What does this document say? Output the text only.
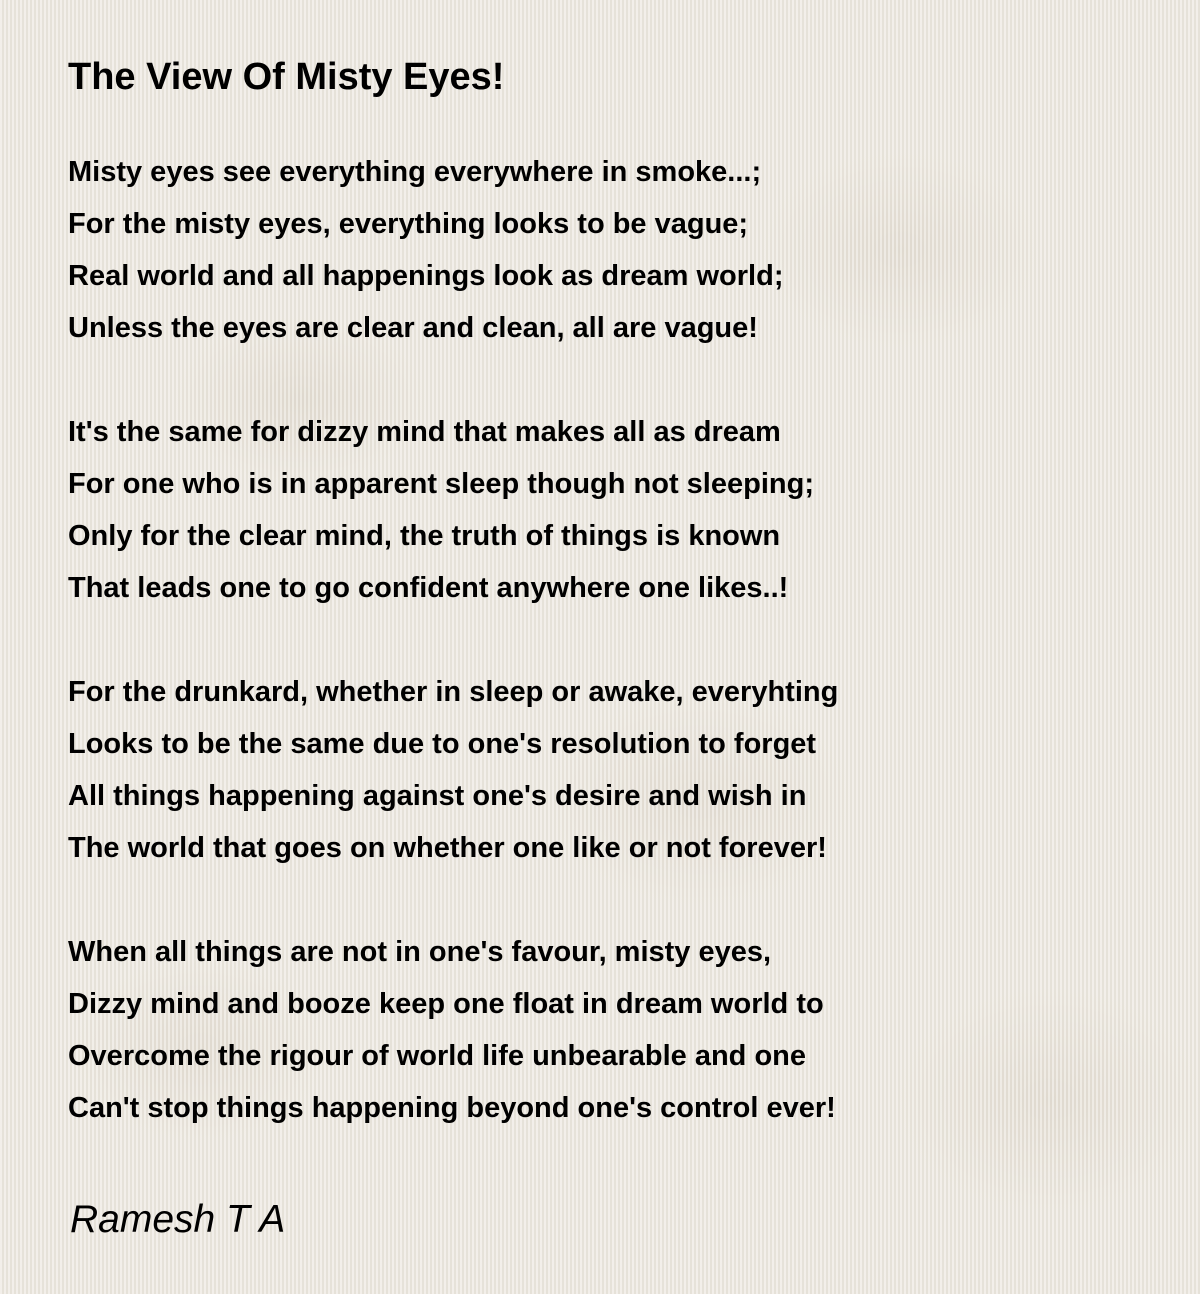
The View Of Misty Eyes!
Misty eyes see everything everywhere in smoke...;
For the misty eyes, everything looks to be vague;
Real world and all happenings look as dream world;
Unless the eyes are clear and clean, all are vague!
It's the same for dizzy mind that makes all as dream
For one who is in apparent sleep though not sleeping;
Only for the clear mind, the truth of things is known
That leads one to go confident anywhere one likes..!
For the drunkard, whether in sleep or awake, everyhting
Looks to be the same due to one's resolution to forget
All things happening against one's desire and wish in
The world that goes on whether one like or not forever!
When all things are not in one's favour, misty eyes,
Dizzy mind and booze keep one float in dream world to
Overcome the rigour of world life unbearable and one
Can't stop things happening beyond one's control ever!
Ramesh T A
